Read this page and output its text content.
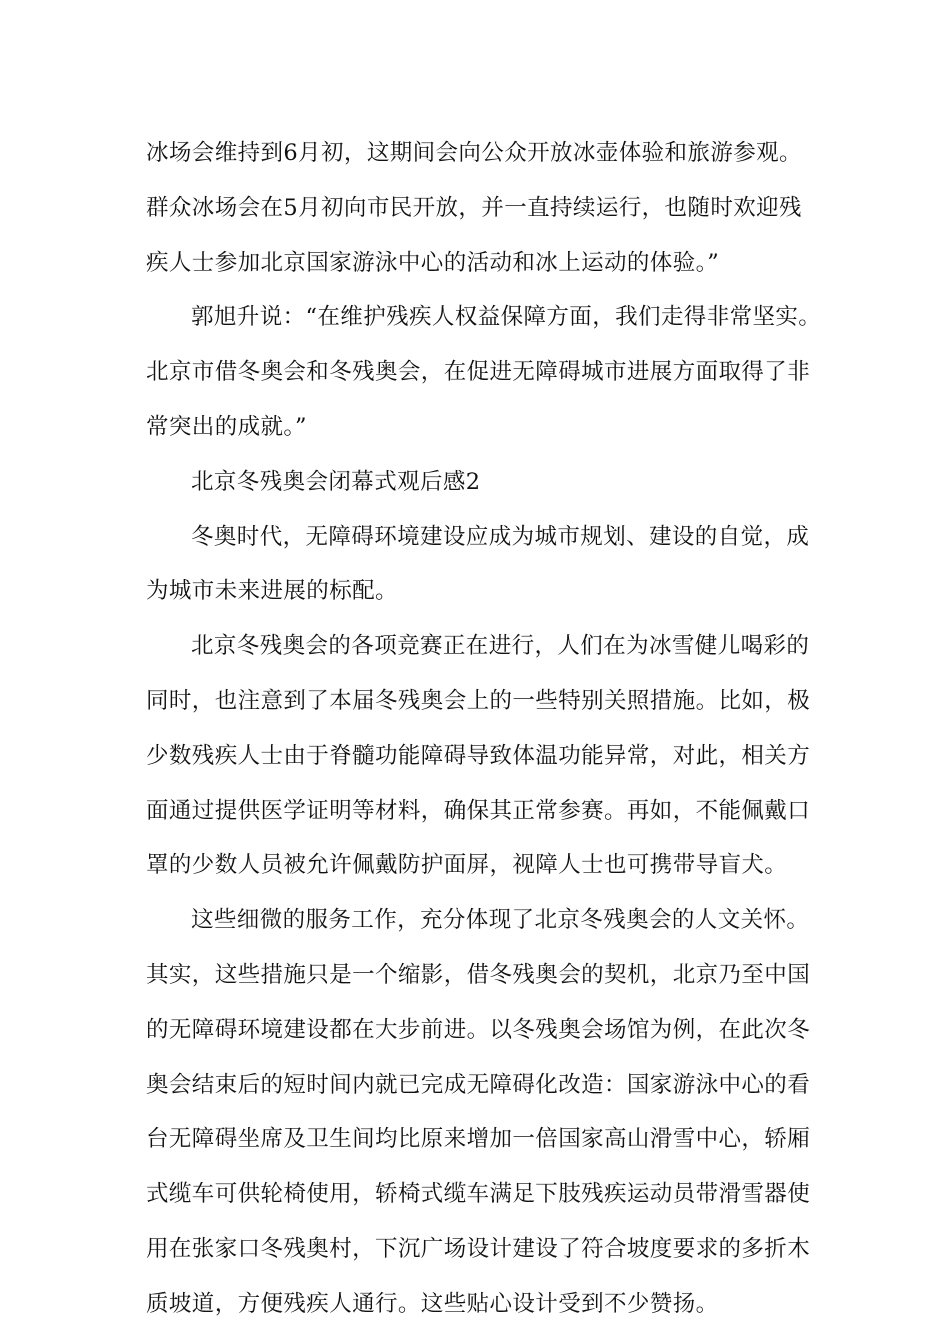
冰场会维持到6月初，这期间会向公众开放冰壶体验和旅游参观。
群众冰场会在5月初向市民开放，并一直持续运行，也随时欢迎残
疾人士参加北京国家游泳中心的活动和冰上运动的体验。”
郭旭升说：“在维护残疾人权益保障方面，我们走得非常坚实。
北京市借冬奥会和冬残奥会，在促进无障碍城市进展方面取得了非
常突出的成就。”
北京冬残奥会闭幕式观后感2
冬奥时代，无障碍环境建设应成为城市规划、建设的自觉，成
为城市未来进展的标配。
北京冬残奥会的各项竞赛正在进行，人们在为冰雪健儿喝彩的
同时，也注意到了本届冬残奥会上的一些特别关照措施。比如，极
少数残疾人士由于脊髓功能障碍导致体温功能异常，对此，相关方
面通过提供医学证明等材料，确保其正常参赛。再如，不能佩戴口
罩的少数人员被允许佩戴防护面屏，视障人士也可携带导盲犬。
这些细微的服务工作，充分体现了北京冬残奥会的人文关怀。
其实，这些措施只是一个缩影，借冬残奥会的契机，北京乃至中国
的无障碍环境建设都在大步前进。以冬残奥会场馆为例，在此次冬
奥会结束后的短时间内就已完成无障碍化改造：国家游泳中心的看
台无障碍坐席及卫生间均比原来增加一倍国家高山滑雪中心，轿厢
式缆车可供轮椅使用，轿椅式缆车满足下肢残疾运动员带滑雪器使
用在张家口冬残奥村，下沉广场设计建设了符合坡度要求的多折木
质坡道，方便残疾人通行。这些贴心设计受到不少赞扬。
